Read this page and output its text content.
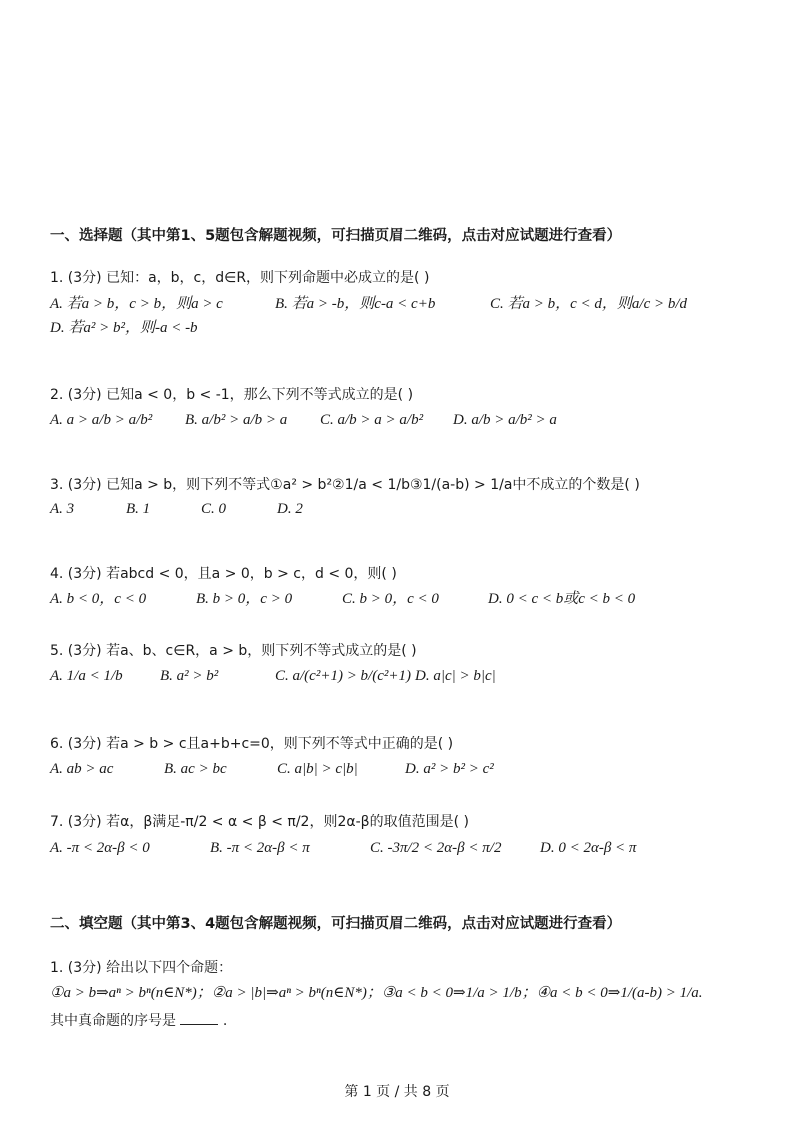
一、选择题（其中第1、5题包含解题视频，可扫描页眉二维码，点击对应试题进行查看）
1. (3分) 已知：a，b，c，d∈R，则下列命题中必成立的是( )
A. 若a > b，c > b，则a > c	B. 若a > -b，则c-a < c+b	C. 若a > b，c < d，则a/c > b/d
D. 若a² > b²，则-a < -b
2. (3分) 已知a < 0，b < -1，那么下列不等式成立的是( )
A. a > a/b > a/b² B. a/b² > a/b > a C. a/b > a > a/b² D. a/b > a/b² > a
3. (3分) 已知a > b，则下列不等式①a² > b²②1/a < 1/b③1/(a-b) > 1/a中不成立的个数是( )
A. 3	B. 1	C. 0	D. 2
4. (3分) 若abcd < 0，且a > 0，b > c，d < 0，则( )
A. b < 0，c < 0	B. b > 0，c > 0	C. b > 0，c < 0	D. 0 < c < b或c < b < 0
5. (3分) 若a、b、c∈R，a > b，则下列不等式成立的是( )
A. 1/a < 1/b B. a² > b²	C. a/(c²+1) > b/(c²+1) D. a|c| > b|c|
6. (3分) 若a > b > c且a+b+c=0，则下列不等式中正确的是( )
A. ab > ac	B. ac > bc	C. a|b| > c|b|	D. a² > b² > c²
7. (3分) 若α，β满足-π/2 < α < β < π/2，则2α-β的取值范围是( )
A. -π < 2α-β < 0	B. -π < 2α-β < π	C. -3π/2 < 2α-β < π/2	D. 0 < 2α-β < π
二、填空题（其中第3、4题包含解题视频，可扫描页眉二维码，点击对应试题进行查看）
1. (3分) 给出以下四个命题：
①a > b⇒aⁿ > bⁿ(n∈N*)；②a > |b|⇒aⁿ > bⁿ(n∈N*)；③a < b < 0⇒1/a > 1/b；④a < b < 0⇒1/(a-b) > 1/a.
其中真命题的序号是	.
第 1 页 / 共 8 页
